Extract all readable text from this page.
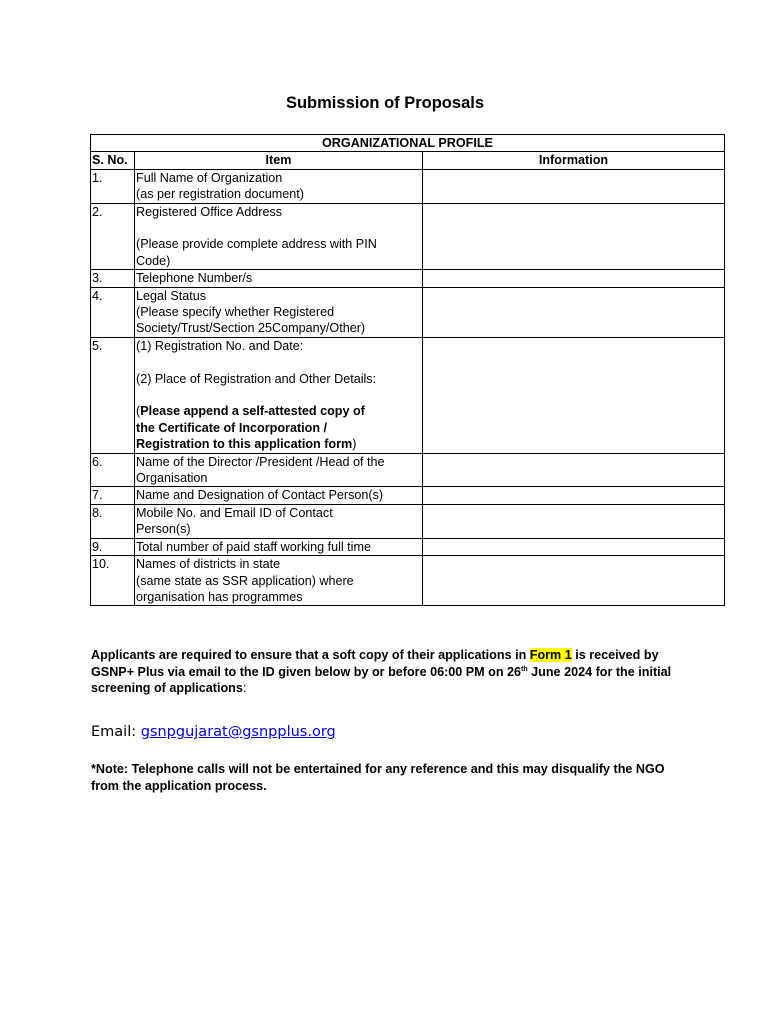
Submission of Proposals
ORGANIZATIONAL PROFILE		
S. No.	Item	Information
1.	Full Name of Organization
(as per registration document)	

2.	Registered Office Address
(Please provide complete address with PIN
Code)	

3.	Telephone Number/s	

4.	Legal Status
(Please specify whether Registered
Society/Trust/Section 25Company/Other)	

5.	(1) Registration No. and Date:
(2) Place of Registration and Other Details:
(Please append a self-attested copy of
the Certificate of Incorporation /
Registration to this application form)	

6.	Name of the Director /President /Head of the
Organisation	

7.	Name and Designation of Contact Person(s)	

8.	Mobile No. and Email ID of Contact
Person(s)	

9.	Total number of paid staff working full time	

10.	Names of districts in state
(same state as SSR application) where
organisation has programmes	

Applicants are required to ensure that a soft copy of their applications in Form 1 is received by GSNP+ Plus via email to the ID given below by or before 06:00 PM on 26th June 2024 for the initial screening of applications:
Email: gsnpgujarat@gsnpplus.org
*Note: Telephone calls will not be entertained for any reference and this may disqualify the NGO from the application process.
